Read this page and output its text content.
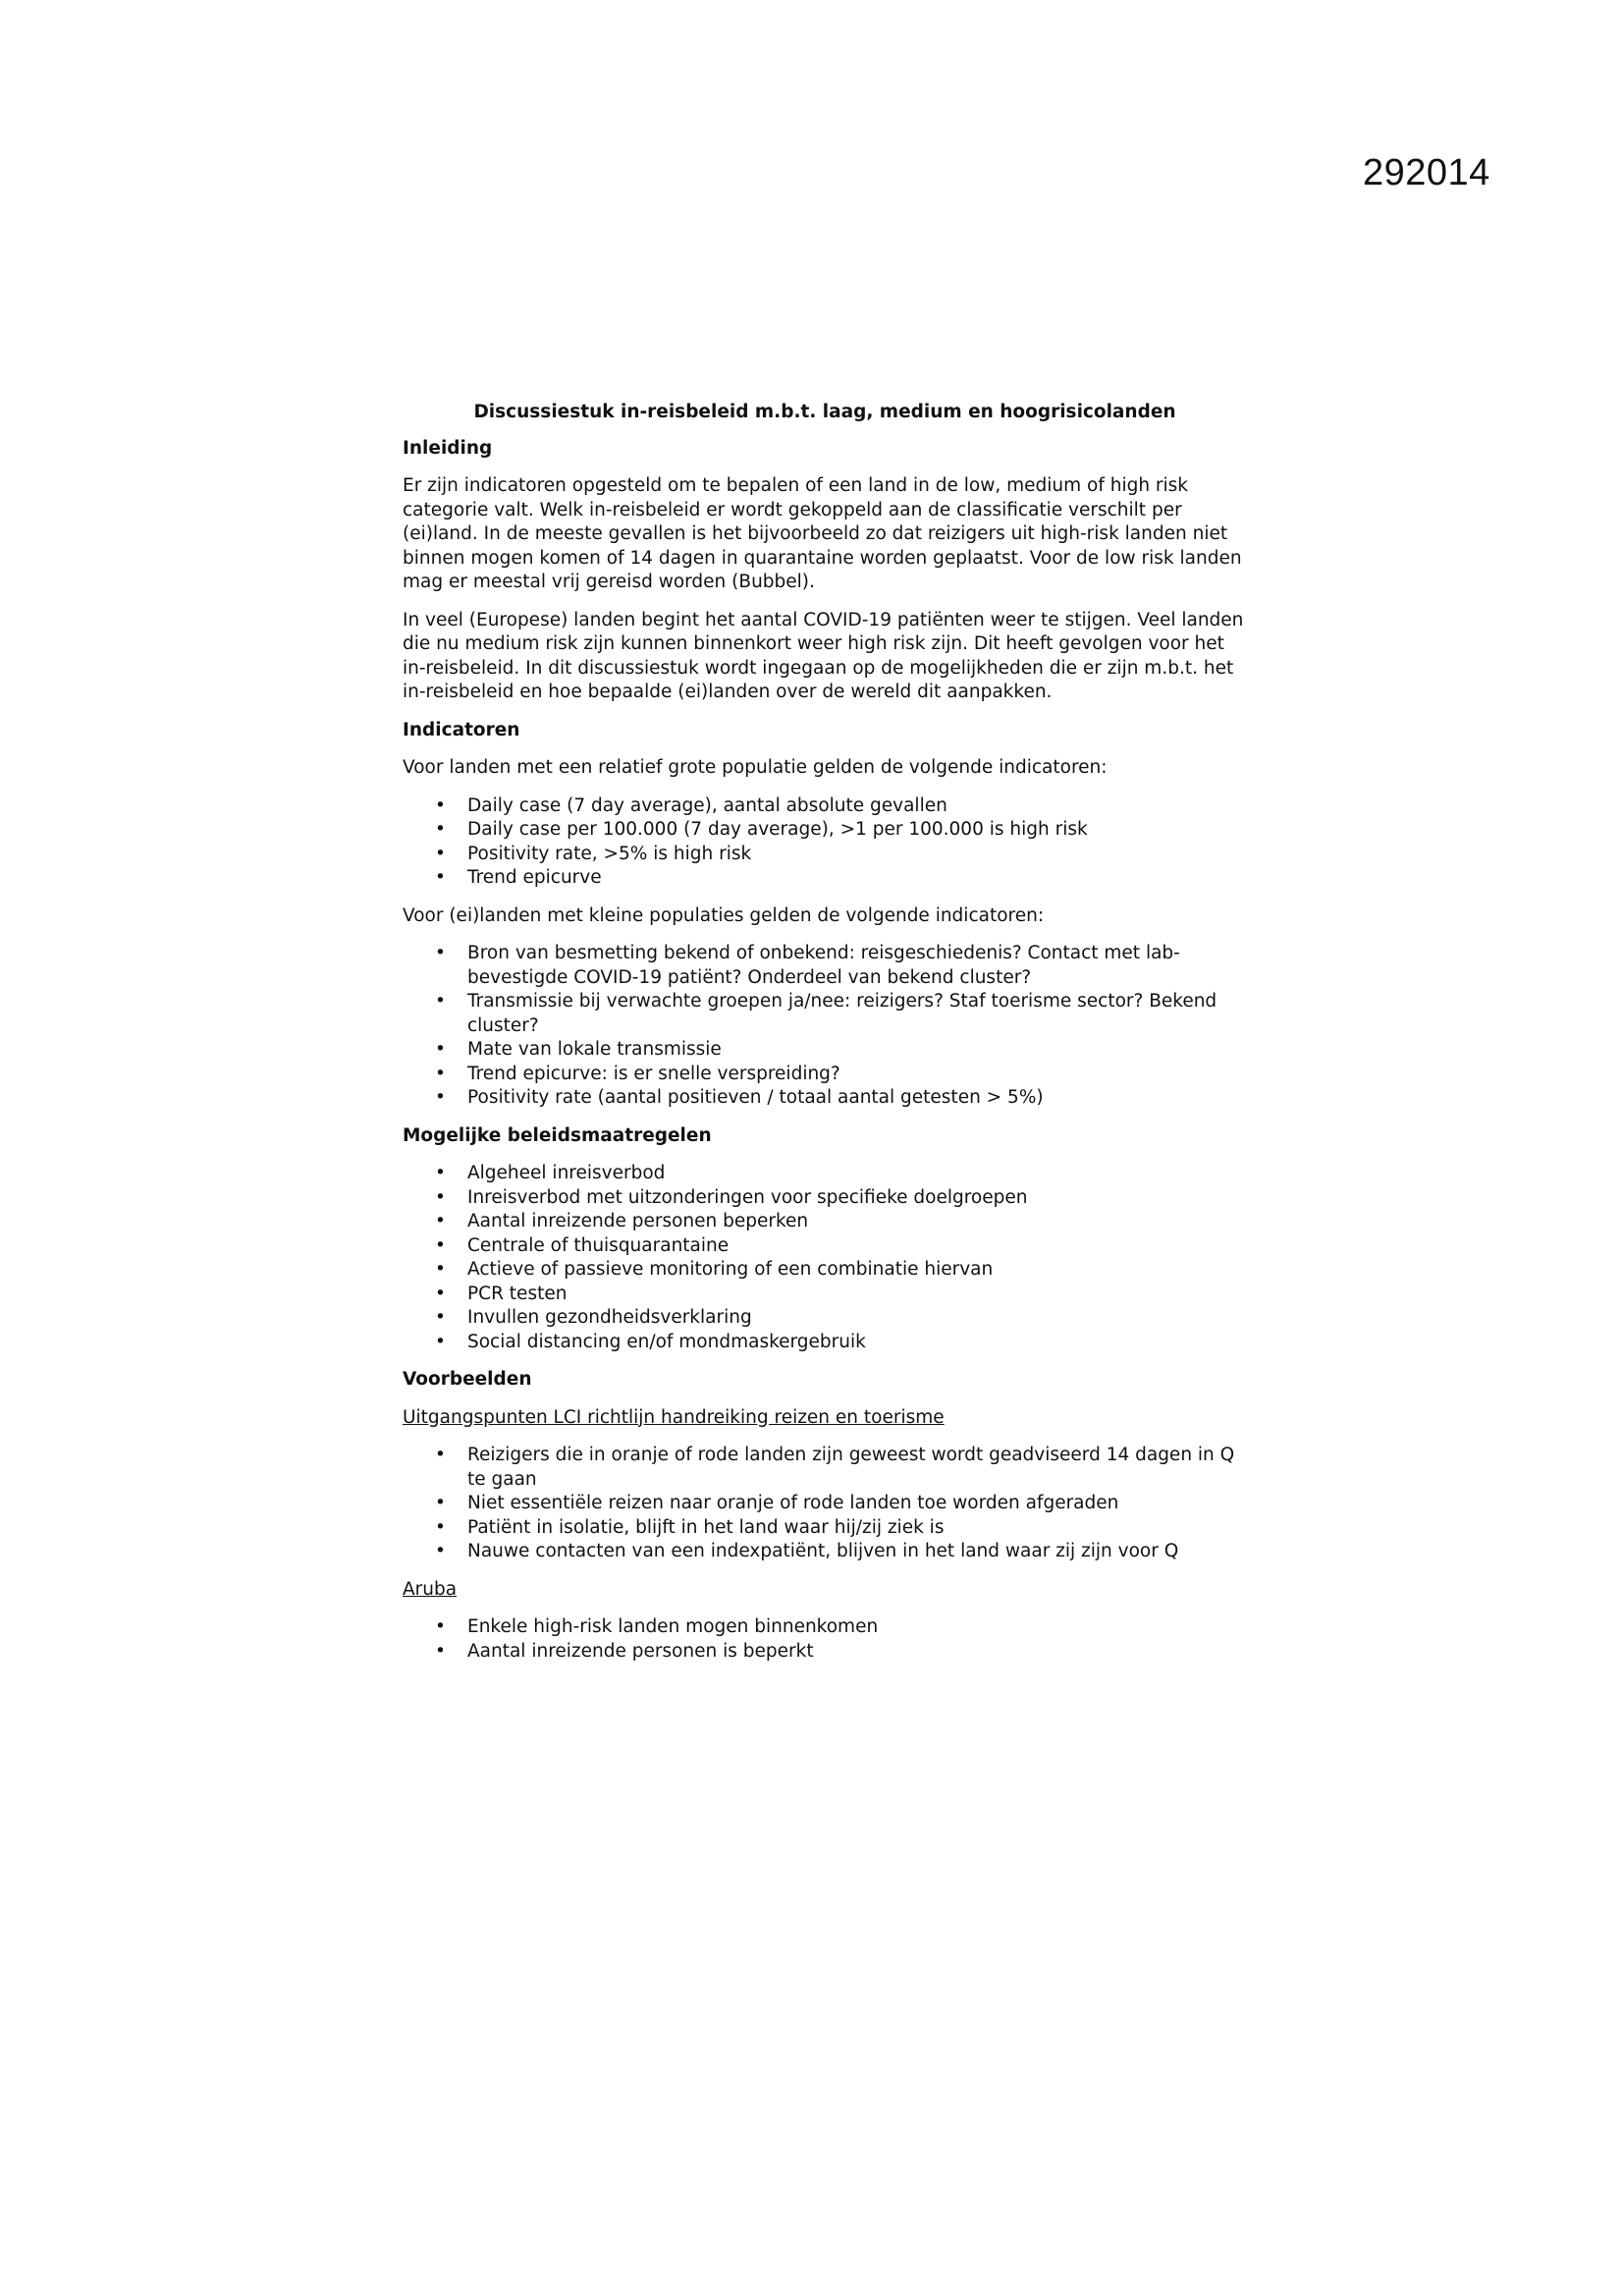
292014
Discussiestuk in-reisbeleid m.b.t. laag, medium en hoogrisicolanden
Inleiding

Er zijn indicatoren opgesteld om te bepalen of een land in de low, medium of high risk categorie valt. Welk in-reisbeleid er wordt gekoppeld aan de classificatie verschilt per (ei)land. In de meeste gevallen is het bijvoorbeeld zo dat reizigers uit high-risk landen niet binnen mogen komen of 14 dagen in quarantaine worden geplaatst. Voor de low risk landen mag er meestal vrij gereisd worden (Bubbel).

In veel (Europese) landen begint het aantal COVID-19 patiënten weer te stijgen. Veel landen die nu medium risk zijn kunnen binnenkort weer high risk zijn. Dit heeft gevolgen voor het in-reisbeleid. In dit discussiestuk wordt ingegaan op de mogelijkheden die er zijn m.b.t. het in-reisbeleid en hoe bepaalde (ei)landen over de wereld dit aanpakken.

Indicatoren

Voor landen met een relatief grote populatie gelden de volgende indicatoren:

• Daily case (7 day average), aantal absolute gevallen
• Daily case per 100.000 (7 day average), >1 per 100.000 is high risk
• Positivity rate, >5% is high risk
• Trend epicurve

Voor (ei)landen met kleine populaties gelden de volgende indicatoren:

• Bron van besmetting bekend of onbekend: reisgeschiedenis? Contact met lab-bevestigde COVID-19 patiënt? Onderdeel van bekend cluster?
• Transmissie bij verwachte groepen ja/nee: reizigers? Staf toerisme sector? Bekend cluster?
• Mate van lokale transmissie
• Trend epicurve: is er snelle verspreiding?
• Positivity rate (aantal positieven / totaal aantal getesten > 5%)
Mogelijke beleidsmaatregelen
• Algeheel inreisverbod
• Inreisverbod met uitzonderingen voor specifieke doelgroepen
• Aantal inreizende personen beperken
• Centrale of thuisquarantaine
• Actieve of passieve monitoring of een combinatie hiervan
• PCR testen
• Invullen gezondheidsverklaring
• Social distancing en/of mondmaskergebruik
Voorbeelden
Uitgangspunten LCI richtlijn handreiking reizen en toerisme
• Reizigers die in oranje of rode landen zijn geweest wordt geadviseerd 14 dagen in Q te gaan
• Niet essentiële reizen naar oranje of rode landen toe worden afgeraden
• Patiënt in isolatie, blijft in het land waar hij/zij ziek is
• Nauwe contacten van een indexpatiënt, blijven in het land waar zij zijn voor Q
Aruba
• Enkele high-risk landen mogen binnenkomen
• Aantal inreizende personen is beperkt
